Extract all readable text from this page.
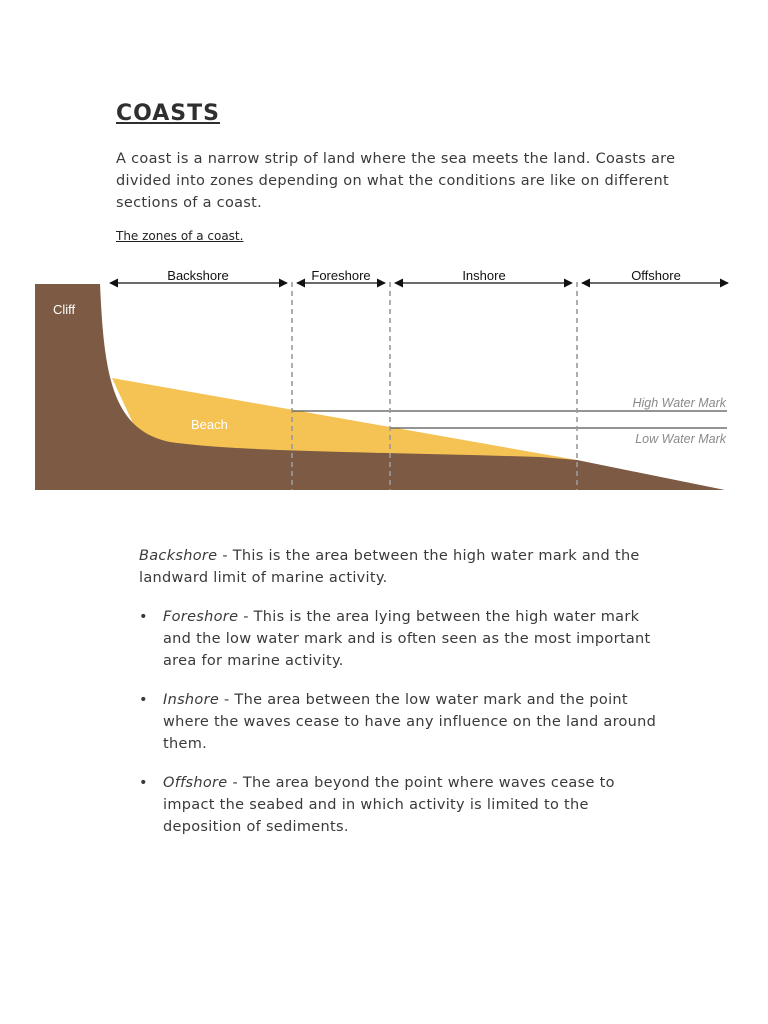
COASTS

A coast is a narrow strip of land where the sea meets the land. Coasts are divided into zones depending on what the conditions are like on different sections of a coast.

The zones of a coast.

Backshore	Foreshore	Inshore	Offshore
Cliff
Beach
High Water Mark
Low Water Mark

Backshore - This is the area between the high water mark and the landward limit of marine activity.

• Foreshore - This is the area lying between the high water mark and the low water mark and is often seen as the most important area for marine activity.
• Inshore - The area between the low water mark and the point where the waves cease to have any influence on the land around them.
• Offshore - The area beyond the point where waves cease to impact the seabed and in which activity is limited to the deposition of sediments.
